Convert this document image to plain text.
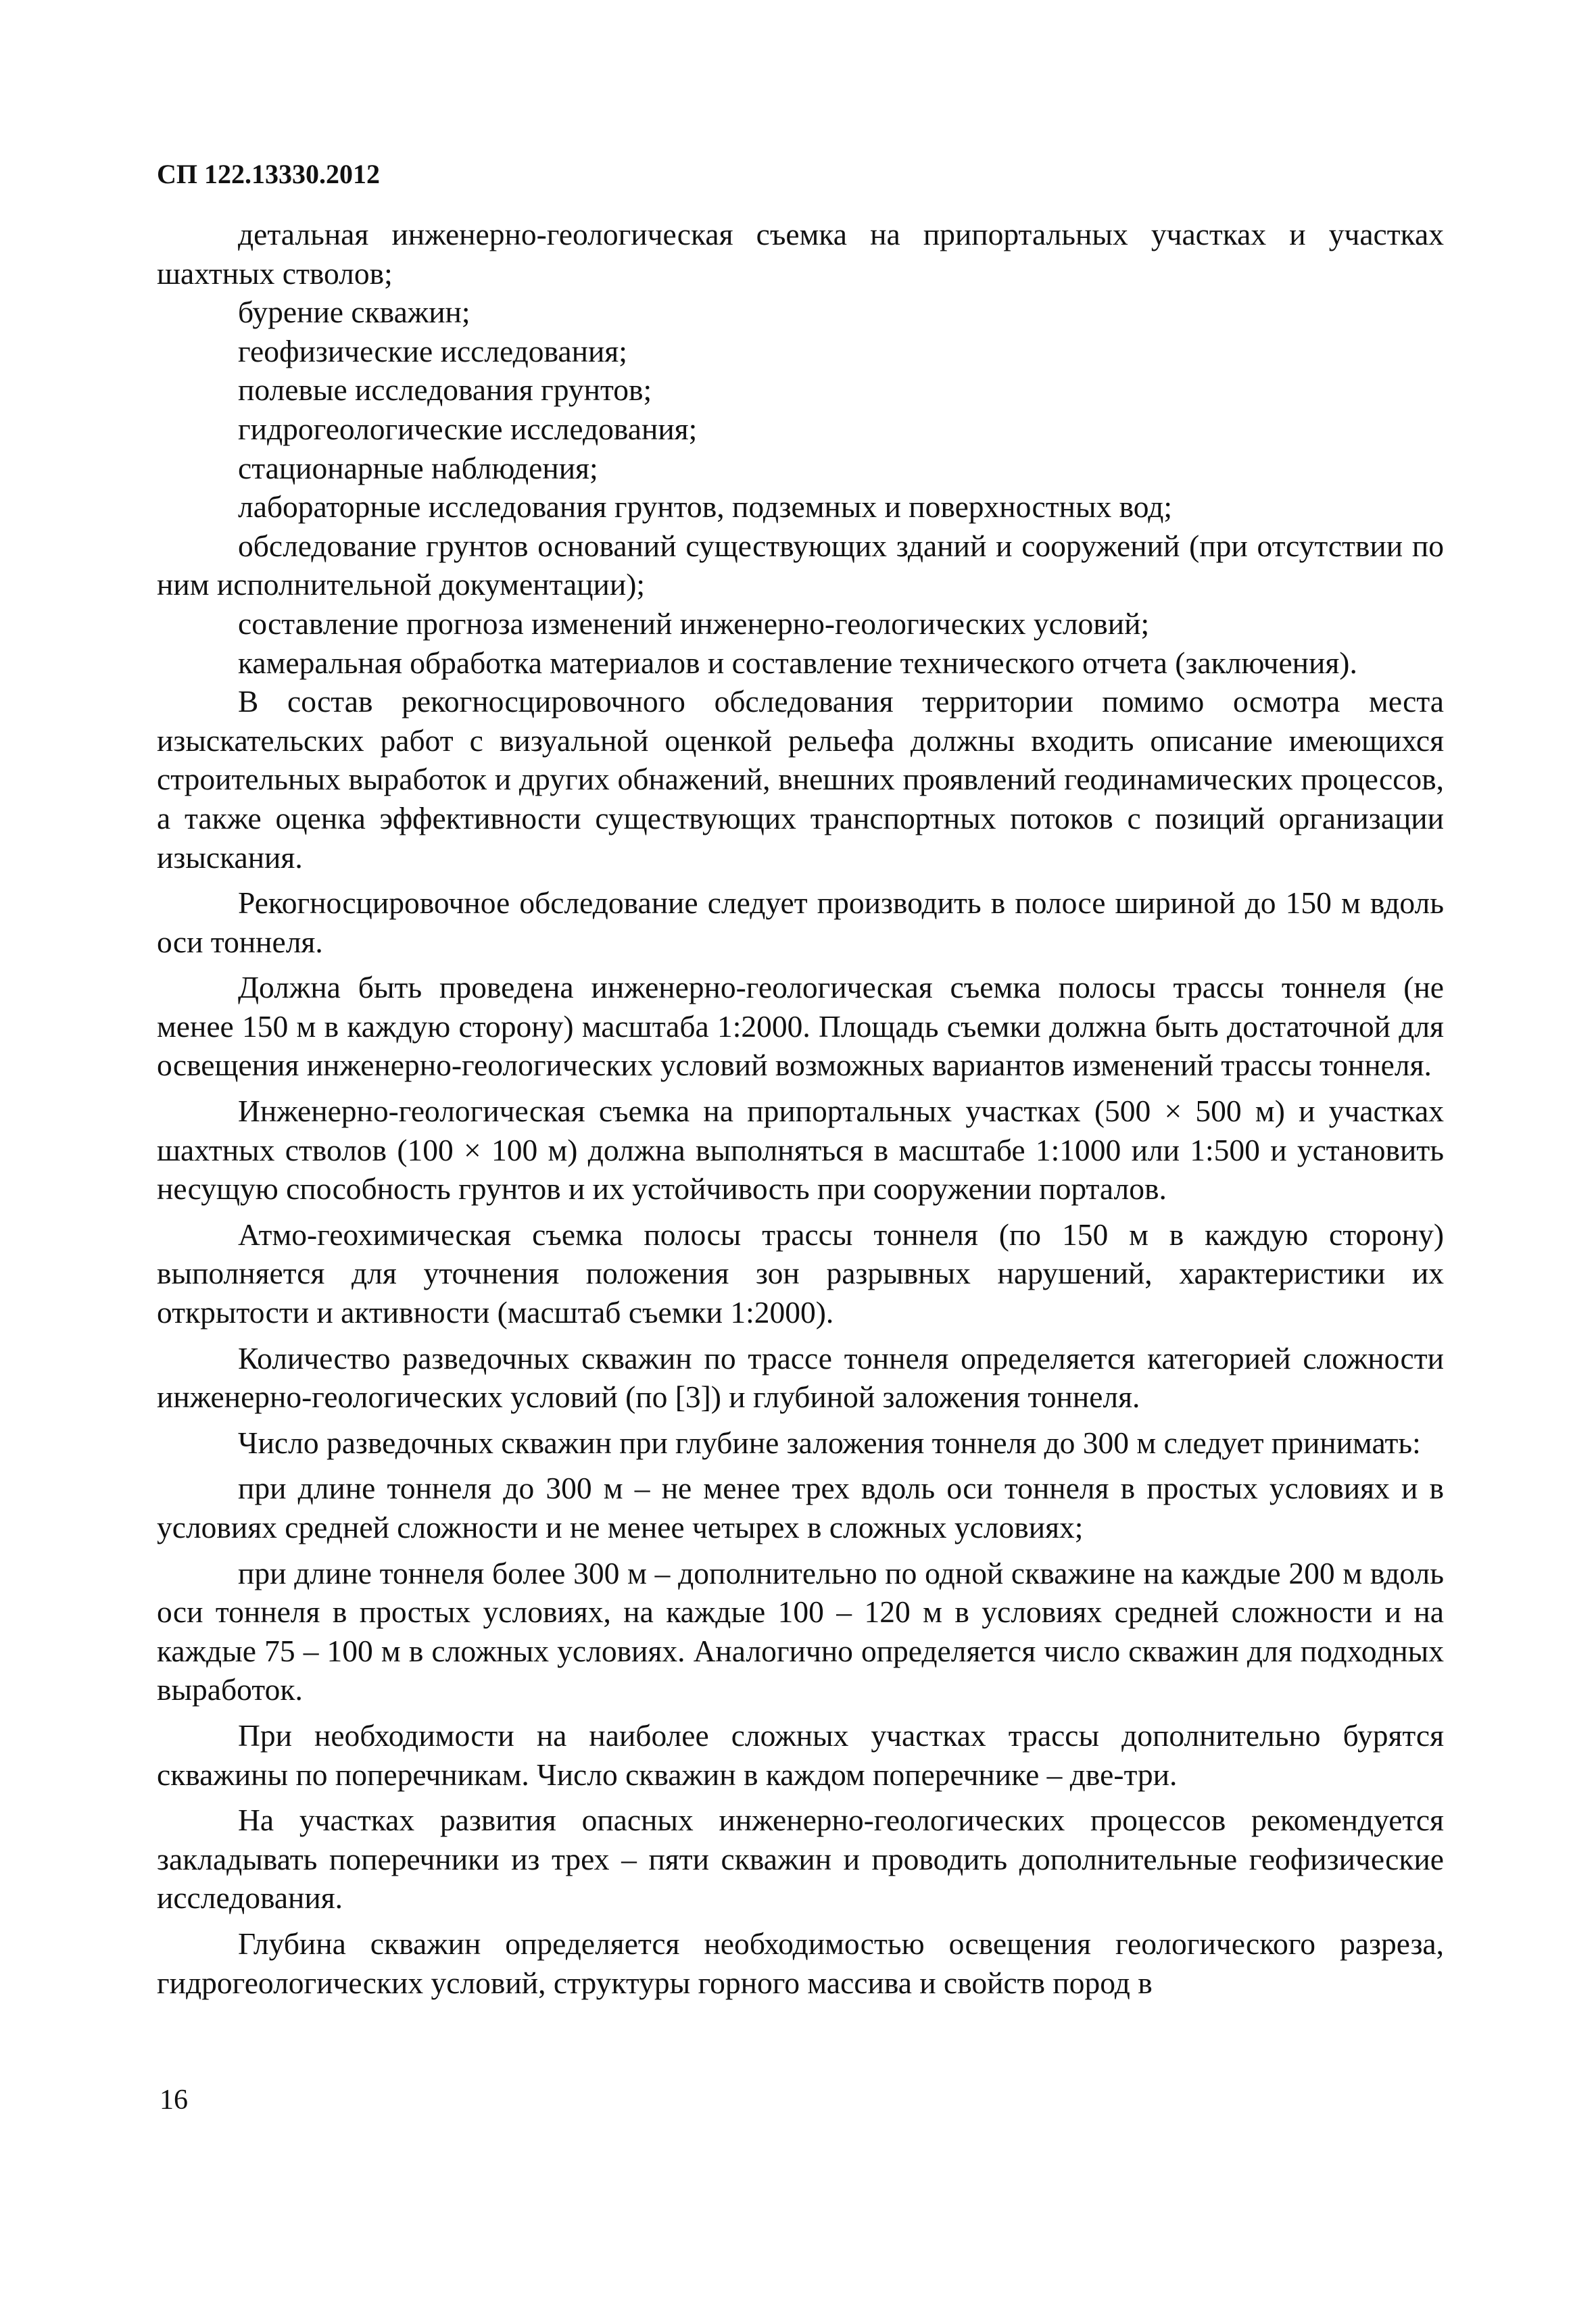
СП 122.13330.2012

детальная инженерно-геологическая съемка на припортальных участках и участках шахтных стволов;

бурение скважин;

геофизические исследования;

полевые исследования грунтов;

гидрогеологические исследования;

стационарные наблюдения;

лабораторные исследования грунтов, подземных и поверхностных вод;

обследование грунтов оснований существующих зданий и сооружений (при отсутствии по ним исполнительной документации);

составление прогноза изменений инженерно-геологических условий;

камеральная обработка материалов и составление технического отчета (заключения).

В состав рекогносцировочного обследования территории помимо осмотра места изыскательских работ с визуальной оценкой рельефа должны входить описание имеющихся строительных выработок и других обнажений, внешних проявлений геодинамических процессов, а также оценка эффективности существующих транспортных потоков с позиций организации изыскания.

Рекогносцировочное обследование следует производить в полосе шириной до 150 м вдоль оси тоннеля.

Должна быть проведена инженерно-геологическая съемка полосы трассы тоннеля (не менее 150 м в каждую сторону) масштаба 1:2000. Площадь съемки должна быть достаточной для освещения инженерно-геологических условий возможных вариантов изменений трассы тоннеля.

Инженерно-геологическая съемка на припортальных участках (500 × 500 м) и участках шахтных стволов (100 × 100 м) должна выполняться в масштабе 1:1000 или 1:500 и установить несущую способность грунтов и их устойчивость при сооружении порталов.

Атмо-геохимическая съемка полосы трассы тоннеля (по 150 м в каждую сторону) выполняется для уточнения положения зон разрывных нарушений, характеристики их открытости и активности (масштаб съемки 1:2000).

Количество разведочных скважин по трассе тоннеля определяется категорией сложности инженерно-геологических условий (по [3]) и глубиной заложения тоннеля.

Число разведочных скважин при глубине заложения тоннеля до 300 м следует принимать:

при длине тоннеля до 300 м – не менее трех вдоль оси тоннеля в простых условиях и в условиях средней сложности и не менее четырех в сложных условиях;

при длине тоннеля более 300 м – дополнительно по одной скважине на каждые 200 м вдоль оси тоннеля в простых условиях, на каждые 100 – 120 м в условиях средней сложности и на каждые 75 – 100 м в сложных условиях. Аналогично определяется число скважин для подходных выработок.

При необходимости на наиболее сложных участках трассы дополнительно бурятся скважины по поперечникам. Число скважин в каждом поперечнике – две-три.

На участках развития опасных инженерно-геологических процессов рекомендуется закладывать поперечники из трех – пяти скважин и проводить дополнительные геофизические исследования.

Глубина скважин определяется необходимостью освещения геологического разреза, гидрогеологических условий, структуры горного массива и свойств пород в

16
